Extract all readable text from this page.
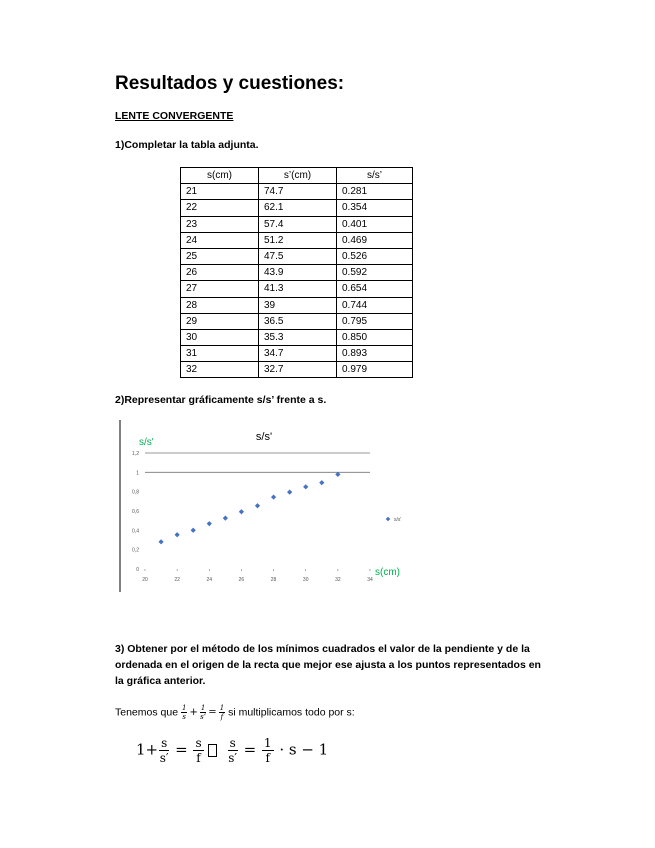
Resultados y cuestiones:
LENTE CONVERGENTE
1)Completar la tabla adjunta.
s(cm)	s’(cm)	s/s’
21	74.7	0.281
22	62.1	0.354
23	57.4	0.401
24	51.2	0.469
25	47.5	0.526
26	43.9	0.592
27	41.3	0.654
28	39	0.744
29	36.5	0.795
30	35.3	0.850
31	34.7	0.893
32	32.7	0.979
2)Representar gráficamente s/s’ frente a s.
0
0,2
0,4
0,6
0,8
1
1,2
20	22	24	26	28	30	32	34
s/s'
s/s'
s(cm)
s/s'
3) Obtener por el método de los mínimos cuadrados el valor de la pendiente y de la ordenada en el origen de la recta que mejor ese ajusta a los puntos representados en la gráfica anterior.
Tenemos que $\frac{1}{s} + \frac{1}{s’} = \frac{1}{f}$ si multiplicamos todo por s:
$1+ \frac{s}{s'} = \frac{s}{f} \frac{s}{s'} = \frac{1}{f} \cdot s - 1$
